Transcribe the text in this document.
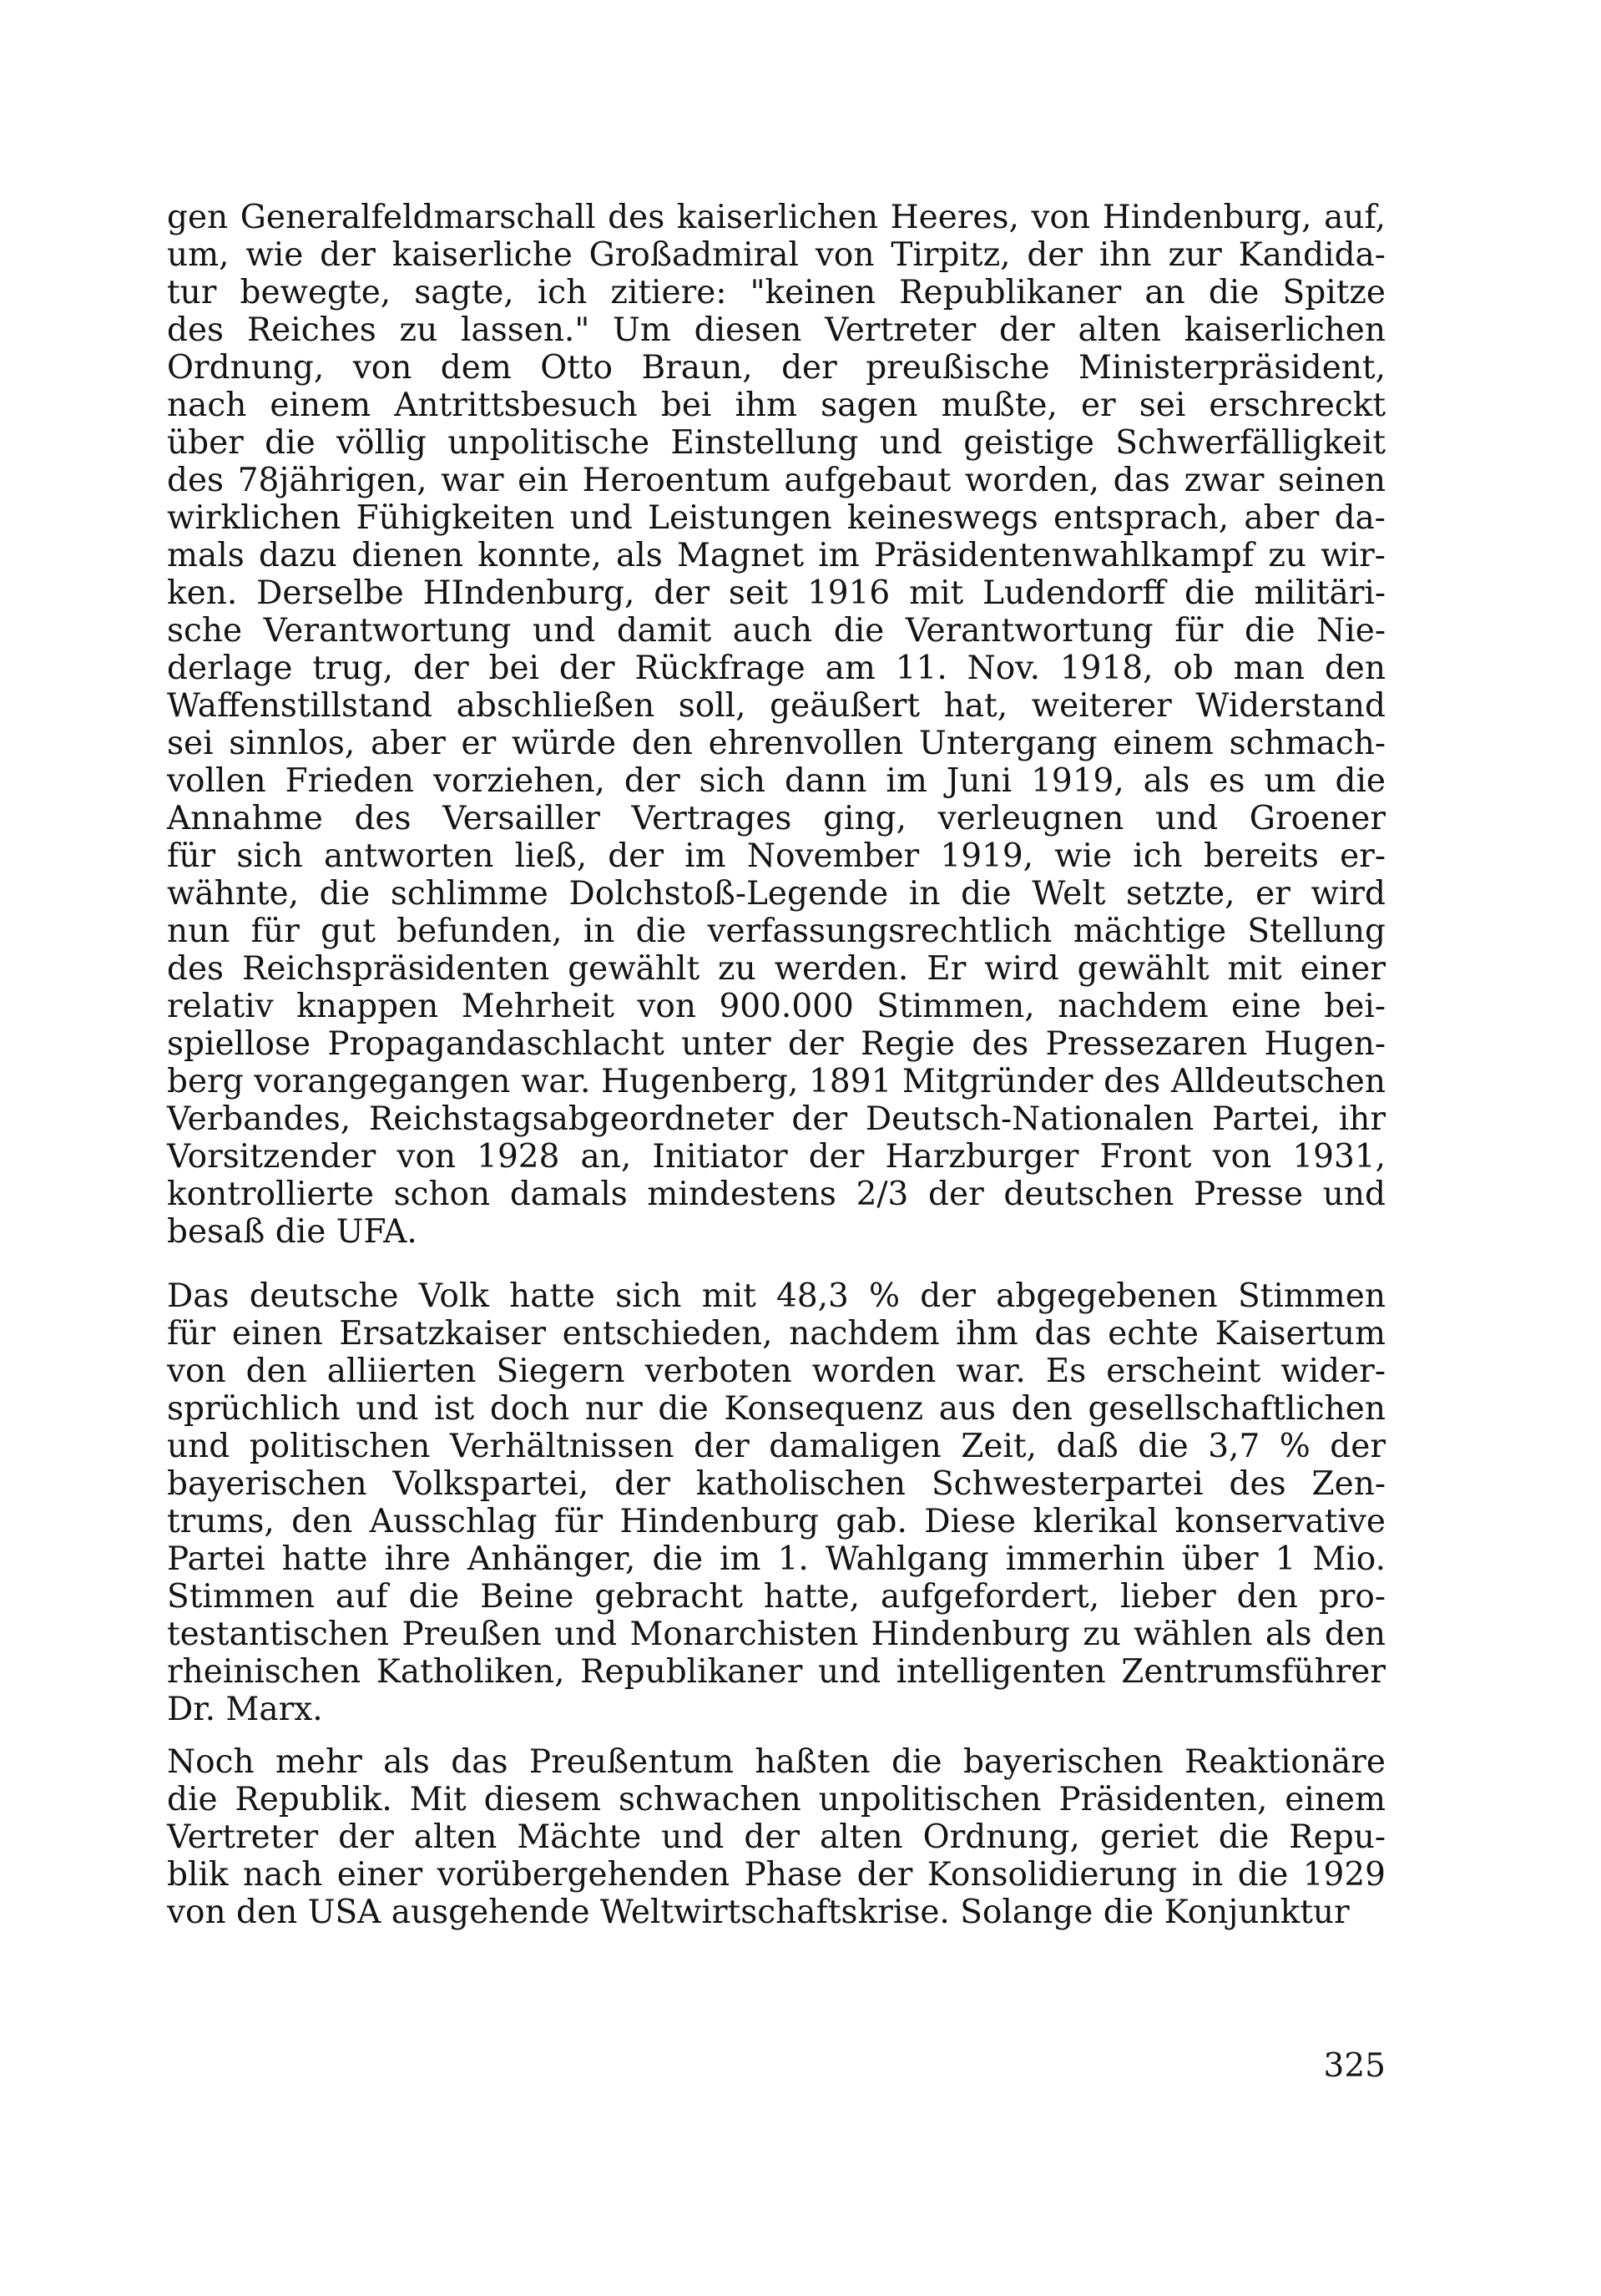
gen Generalfeldmarschall des kaiserlichen Heeres, von Hindenburg, auf,
um, wie der kaiserliche Großadmiral von Tirpitz, der ihn zur Kandida-
tur bewegte, sagte, ich zitiere: "keinen Republikaner an die Spitze
des Reiches zu lassen." Um diesen Vertreter der alten kaiserlichen
Ordnung, von dem Otto Braun, der preußische Ministerpräsident,
nach einem Antrittsbesuch bei ihm sagen mußte, er sei erschreckt
über die völlig unpolitische Einstellung und geistige Schwerfälligkeit
des 78jährigen, war ein Heroentum aufgebaut worden, das zwar seinen
wirklichen Fühigkeiten und Leistungen keineswegs entsprach, aber da-
mals dazu dienen konnte, als Magnet im Präsidentenwahlkampf zu wir-
ken. Derselbe HIndenburg, der seit 1916 mit Ludendorff die militäri-
sche Verantwortung und damit auch die Verantwortung für die Nie-
derlage trug, der bei der Rückfrage am 11. Nov. 1918, ob man den
Waffenstillstand abschließen soll, geäußert hat, weiterer Widerstand
sei sinnlos, aber er würde den ehrenvollen Untergang einem schmach-
vollen Frieden vorziehen, der sich dann im Juni 1919, als es um die
Annahme des Versailler Vertrages ging, verleugnen und Groener
für sich antworten ließ, der im November 1919, wie ich bereits er-
wähnte, die schlimme Dolchstoß-Legende in die Welt setzte, er wird
nun für gut befunden, in die verfassungsrechtlich mächtige Stellung
des Reichspräsidenten gewählt zu werden. Er wird gewählt mit einer
relativ knappen Mehrheit von 900.000 Stimmen, nachdem eine bei-
spiellose Propagandaschlacht unter der Regie des Pressezaren Hugen-
berg vorangegangen war. Hugenberg, 1891 Mitgründer des Alldeutschen
Verbandes, Reichstagsabgeordneter der Deutsch-Nationalen Partei, ihr
Vorsitzender von 1928 an, Initiator der Harzburger Front von 1931,
kontrollierte schon damals mindestens 2/3 der deutschen Presse und
besaß die UFA.
Das deutsche Volk hatte sich mit 48,3 % der abgegebenen Stimmen
für einen Ersatzkaiser entschieden, nachdem ihm das echte Kaisertum
von den alliierten Siegern verboten worden war. Es erscheint wider-
sprüchlich und ist doch nur die Konsequenz aus den gesellschaftlichen
und politischen Verhältnissen der damaligen Zeit, daß die 3,7 % der
bayerischen Volkspartei, der katholischen Schwesterpartei des Zen-
trums, den Ausschlag für Hindenburg gab. Diese klerikal konservative
Partei hatte ihre Anhänger, die im 1. Wahlgang immerhin über 1 Mio.
Stimmen auf die Beine gebracht hatte, aufgefordert, lieber den pro-
testantischen Preußen und Monarchisten Hindenburg zu wählen als den
rheinischen Katholiken, Republikaner und intelligenten Zentrumsführer
Dr. Marx.
Noch mehr als das Preußentum haßten die bayerischen Reaktionäre
die Republik. Mit diesem schwachen unpolitischen Präsidenten, einem
Vertreter der alten Mächte und der alten Ordnung, geriet die Repu-
blik nach einer vorübergehenden Phase der Konsolidierung in die 1929
von den USA ausgehende Weltwirtschaftskrise. Solange die Konjunktur
325
